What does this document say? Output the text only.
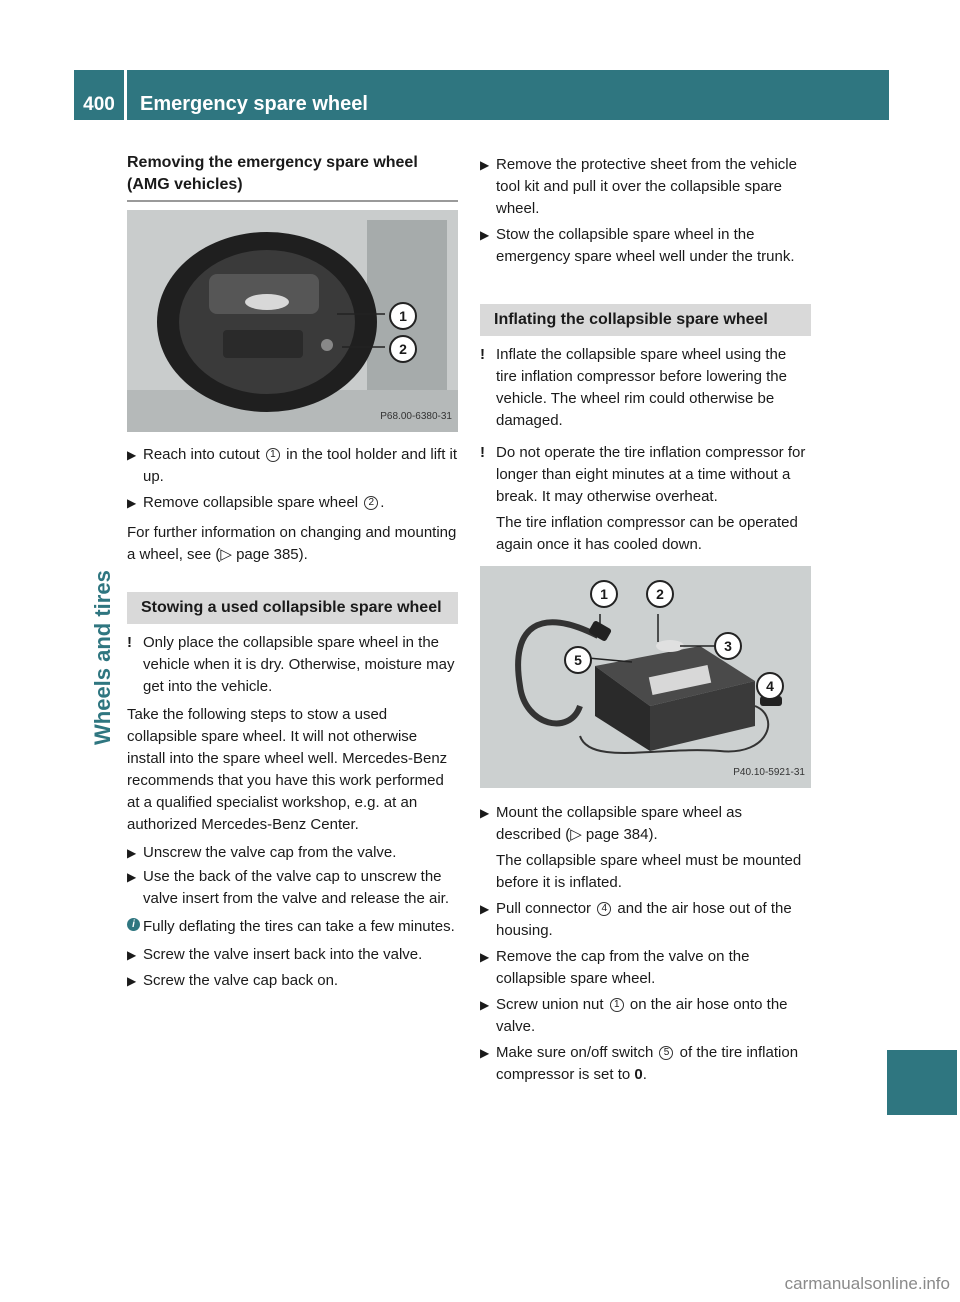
400	Emergency spare wheel
Wheels and tires
Removing the emergency spare wheel (AMG vehicles)
1
2
P68.00-6380-31

▶ Reach into cutout 1 in the tool holder and lift it up.

▶ Remove collapsible spare wheel 2 .

For further information on changing and mounting a wheel, see (▷ page 385).

Stowing a used collapsible spare wheel

! Only place the collapsible spare wheel in the vehicle when it is dry. Otherwise, moisture may get into the vehicle.

Take the following steps to stow a used collapsible spare wheel. It will not otherwise install into the spare wheel well. Mercedes-Benz recommends that you have this work performed at a qualified specialist workshop, e.g. at an authorized Mercedes-Benz Center.

▶ Unscrew the valve cap from the valve.

▶ Use the back of the valve cap to unscrew the valve insert from the valve and release the air.

i Fully deflating the tires can take a few minutes.

▶ Screw the valve insert back into the valve.

▶ Screw the valve cap back on.

▶ Remove the protective sheet from the vehicle tool kit and pull it over the collapsible spare wheel.

▶ Stow the collapsible spare wheel in the emergency spare wheel well under the trunk.

Inflating the collapsible spare wheel

! Inflate the collapsible spare wheel using the tire inflation compressor before lowering the vehicle. The wheel rim could otherwise be damaged.

! Do not operate the tire inflation compressor for longer than eight minutes at a time without a break. It may otherwise overheat.

The tire inflation compressor can be operated again once it has cooled down.

1	2
3
4
5
P40.10-5921-31

▶ Mount the collapsible spare wheel as described (▷ page 384).

The collapsible spare wheel must be mounted before it is inflated.

▶ Pull connector 4 and the air hose out of the housing.

▶ Remove the cap from the valve on the collapsible spare wheel.

▶ Screw union nut 1 on the air hose onto the valve.

▶ Make sure on/off switch 5 of the tire inflation compressor is set to 0.

carmanualsonline.info
